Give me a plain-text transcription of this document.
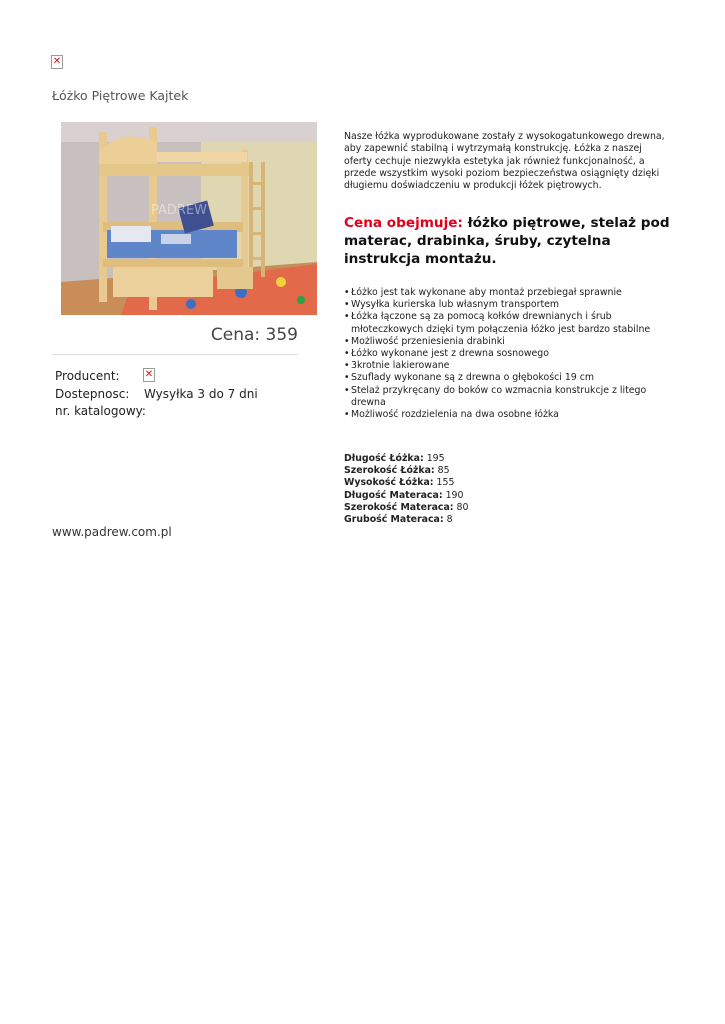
✕
Łóżko Piętrowe Kajtek
PADREW
Cena: 359
Producent:	✕
Dostepnosc: Wysyłka 3 do 7 dni
nr. katalogowy:
www.padrew.com.pl
Nasze łóżka wyprodukowane zostały z wysokogatunkowego drewna, aby zapewnić stabilną i wytrzymałą konstrukcję. Łóżka z naszej oferty cechuje niezwykła estetyka jak również funkcjonalność, a przede wszystkim wysoki poziom bezpieczeństwa osiągnięty dzięki długiemu doświadczeniu w produkcji łóżek piętrowych.
Cena obejmuje: łóżko piętrowe, stelaż pod materac, drabinka, śruby, czytelna instrukcja montażu.
• Łóżko jest tak wykonane aby montaż przebiegał sprawnie
• Wysyłka kurierska lub własnym transportem
• Łóżka łączone są za pomocą kołków drewnianych i śrub młoteczkowych dzięki tym połączenia łóżko jest bardzo stabilne
• Możliwość przeniesienia drabinki
• Łóżko wykonane jest z drewna sosnowego
• 3krotnie lakierowane
• Szuflady wykonane są z drewna o głębokości 19 cm
• Stelaż przykręcany do boków co wzmacnia konstrukcje z litego drewna
• Możliwość rozdzielenia na dwa osobne łóżka
Długość Łóżka: 195
Szerokość Łóżka: 85
Wysokość Łóżka: 155
Długość Materaca: 190
Szerokość Materaca: 80
Grubość Materaca: 8
